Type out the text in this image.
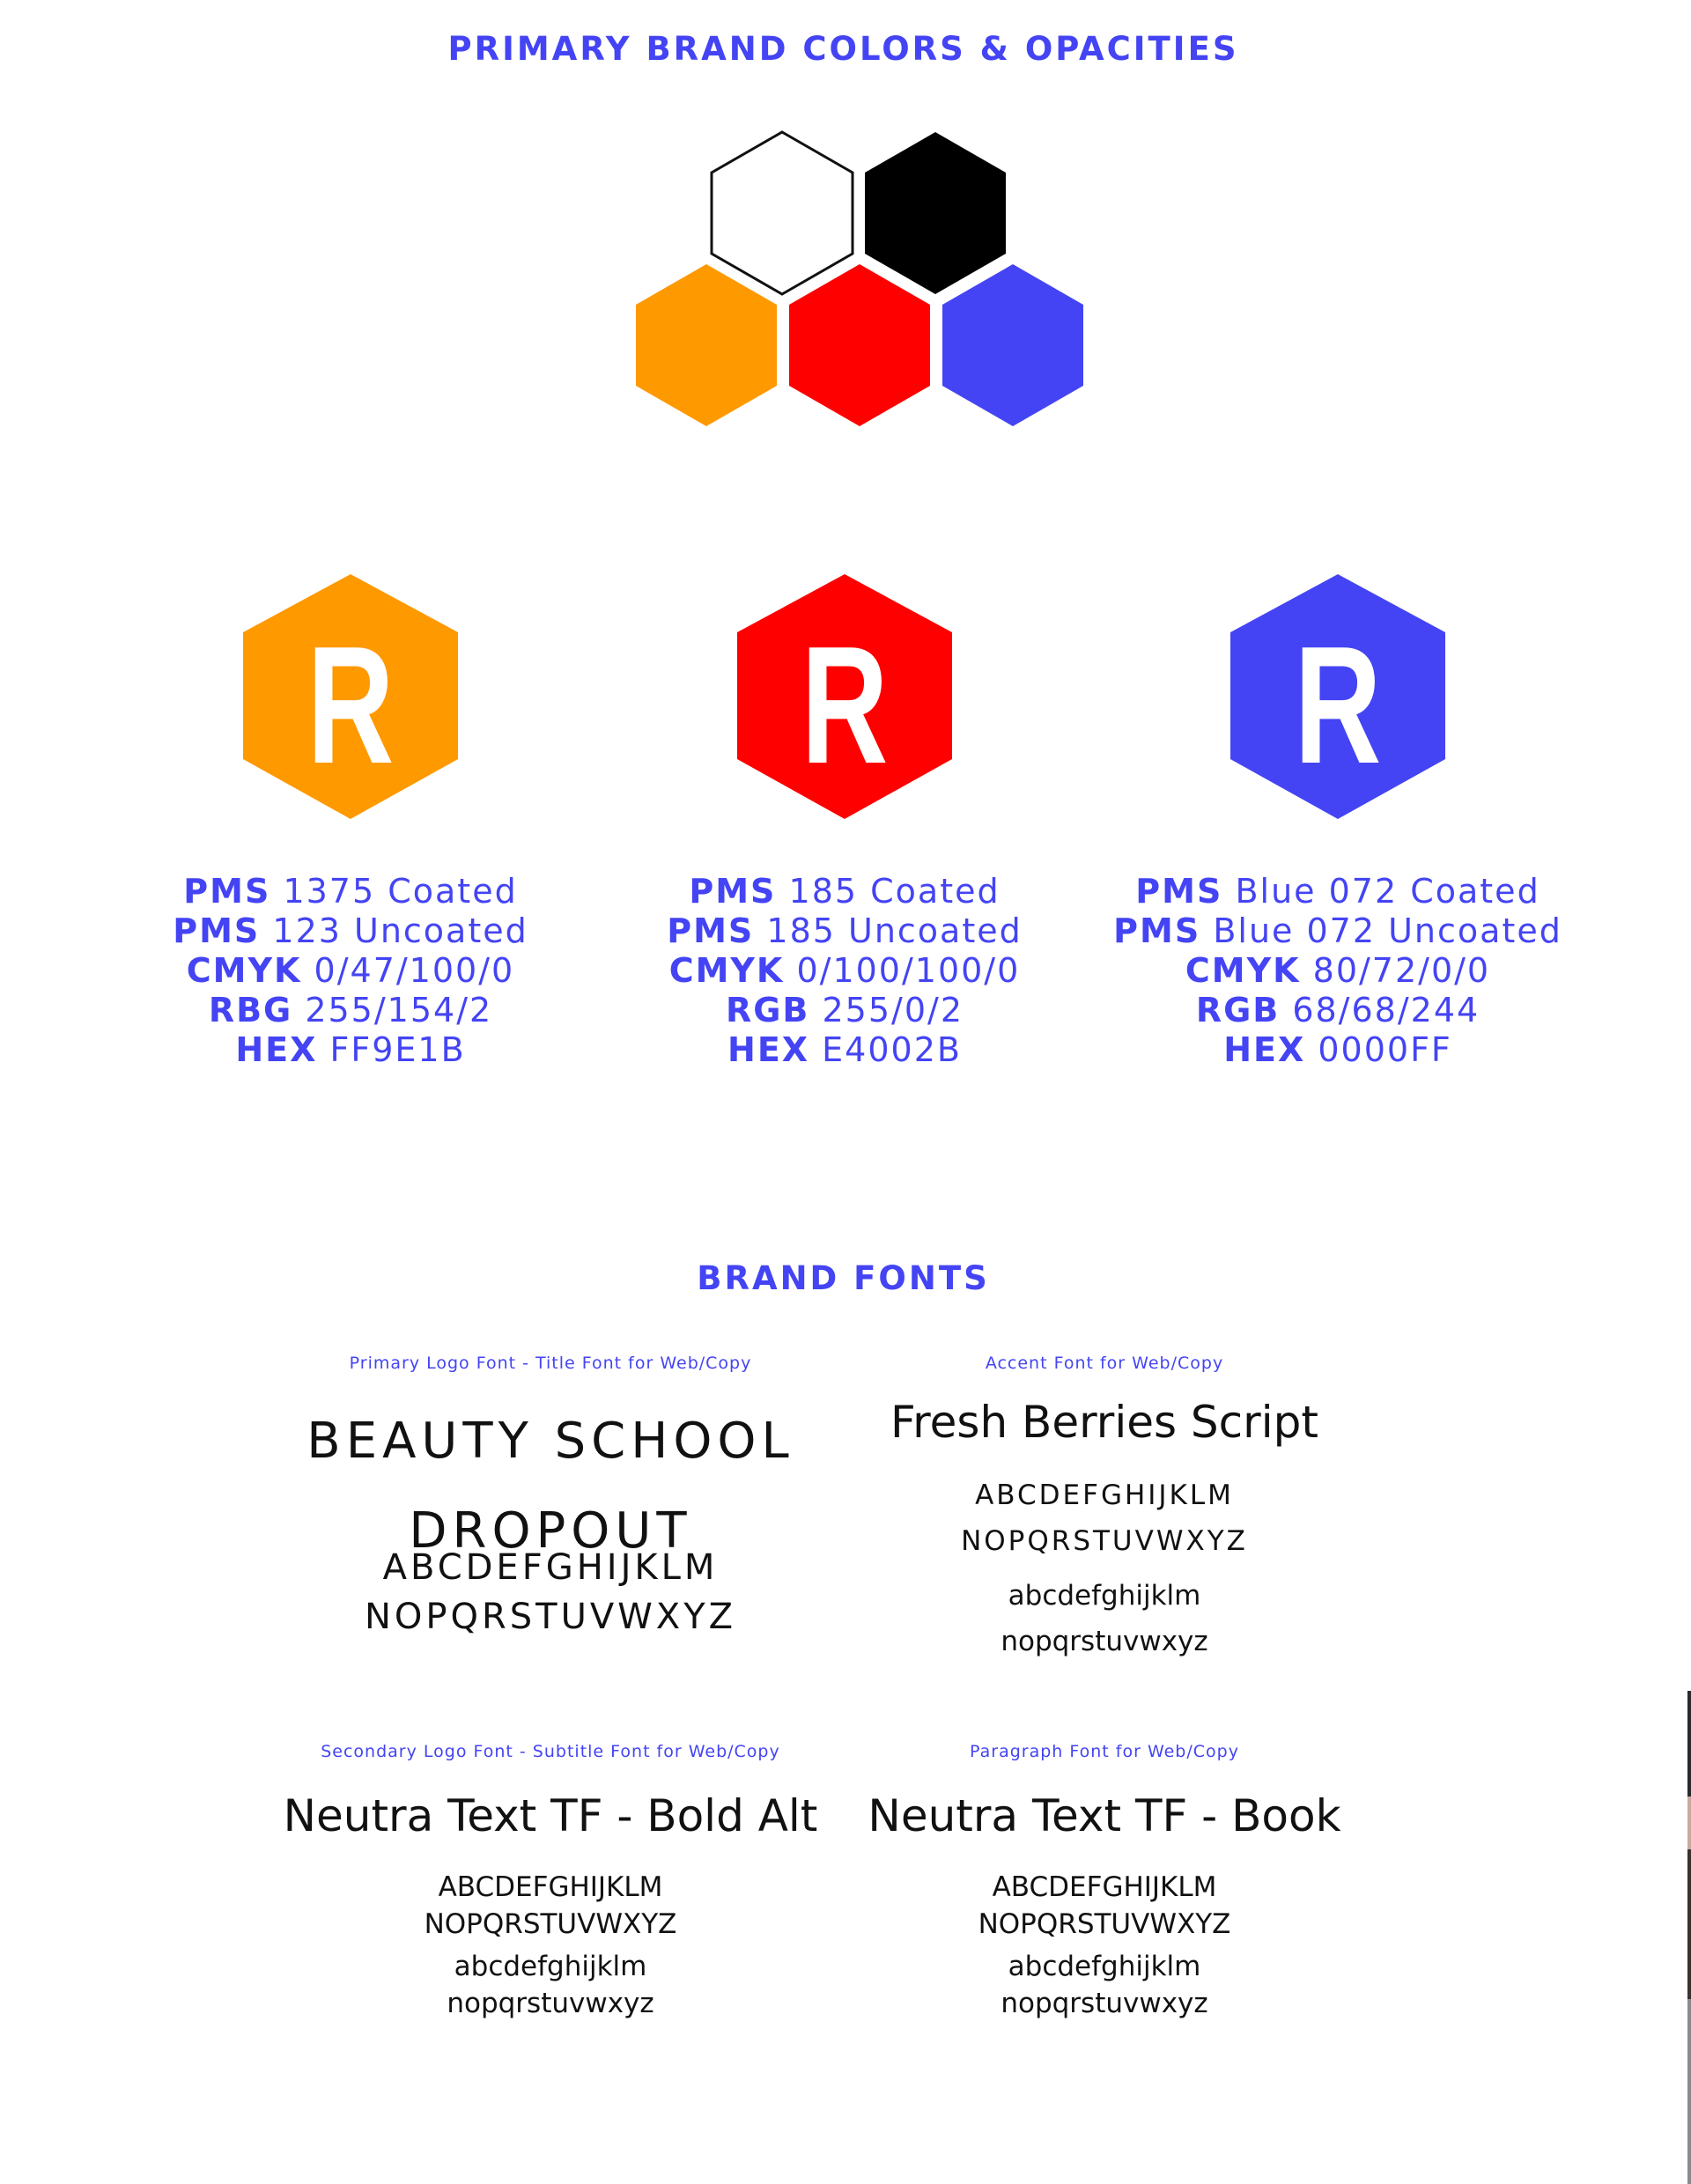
PRIMARY BRAND COLORS & OPACITIES
R R R
PMS 1375 Coated
PMS 123 Uncoated
CMYK 0/47/100/0
RBG 255/154/2
HEX FF9E1B
PMS 185 Coated
PMS 185 Uncoated
CMYK 0/100/100/0
RGB 255/0/2
HEX E4002B
PMS Blue 072 Coated
PMS Blue 072 Uncoated
CMYK 80/72/0/0
RGB 68/68/244
HEX 0000FF
BRAND FONTS
Primary Logo Font - Title Font for Web/Copy
BEAUTY SCHOOL
DROPOUT
ABCDEFGHIJKLM
NOPQRSTUVWXYZ
Accent Font for Web/Copy
Fresh Berries Script
ABCDEFGHIJKLM
NOPQRSTUVWXYZ
abcdefghijklm
nopqrstuvwxyz
Secondary Logo Font - Subtitle Font for Web/Copy
Neutra Text TF - Bold Alt
ABCDEFGHIJKLM
NOPQRSTUVWXYZ
abcdefghijklm
nopqrstuvwxyz
Paragraph Font for Web/Copy
Neutra Text TF - Book
ABCDEFGHIJKLM
NOPQRSTUVWXYZ
abcdefghijklm
nopqrstuvwxyz
